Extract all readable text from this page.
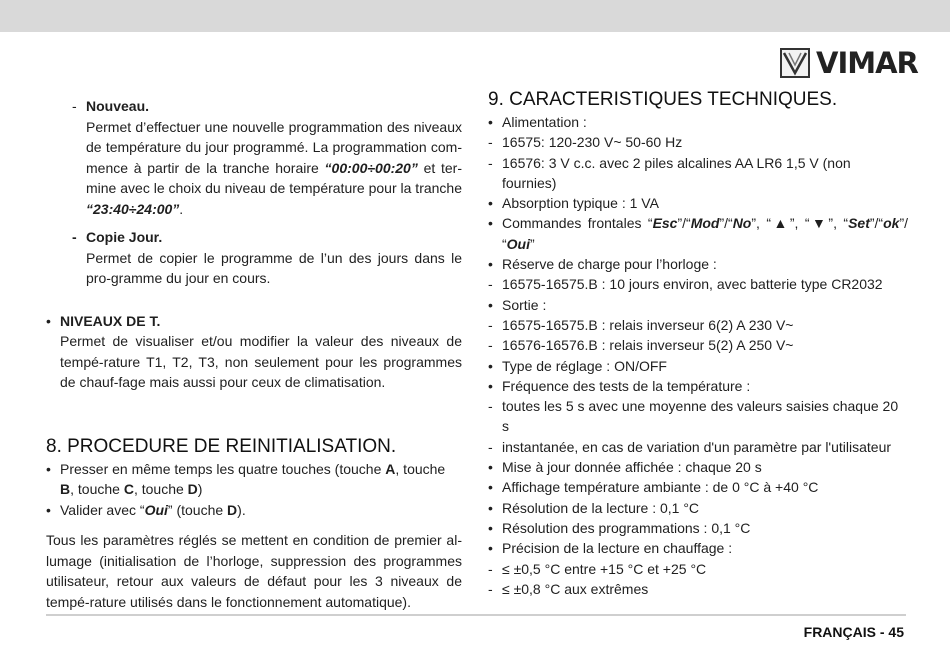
VIMAR
- Nouveau.
Permet d’effectuer une nouvelle programmation des niveaux de température du jour programmé. La programmation com-mence à partir de la tranche horaire “00:00÷00:20” et ter-mine avec le choix du niveau de température pour la tranche “23:40÷24:00”.
- Copie Jour.
Permet de copier le programme de l’un des jours dans le pro-gramme du jour en cours.
• NIVEAUX DE T.
Permet de visualiser et/ou modifier la valeur des niveaux de tempé-rature T1, T2, T3, non seulement pour les programmes de chauf-fage mais aussi pour ceux de climatisation.
8. PROCEDURE DE REINITIALISATION.
• Presser en même temps les quatre touches (touche A, touche B, touche C, touche D)
• Valider avec “Oui” (touche D).
Tous les paramètres réglés se mettent en condition de premier al-lumage (initialisation de l’horloge, suppression des programmes utilisateur, retour aux valeurs de défaut pour les 3 niveaux de tempé-rature utilisés dans le fonctionnement automatique).
9. CARACTERISTIQUES TECHNIQUES.
• Alimentation :
- 16575: 120-230 V~ 50-60 Hz
- 16576: 3 V c.c. avec 2 piles alcalines AA LR6 1,5 V (non fournies)
• Absorption typique : 1 VA
• Commandes frontales “Esc”/“Mod”/“No”, “▲”, “▼”, “Set”/“ok”/ “Oui”
• Réserve de charge pour l’horloge :
- 16575-16575.B : 10 jours environ, avec batterie type CR2032
• Sortie :
- 16575-16575.B : relais inverseur 6(2) A 230 V~
- 16576-16576.B : relais inverseur 5(2) A 250 V~
• Type de réglage : ON/OFF
• Fréquence des tests de la température :
- toutes les 5 s avec une moyenne des valeurs saisies chaque 20 s
- instantanée, en cas de variation d'un paramètre par l'utilisateur
• Mise à jour donnée affichée : chaque 20 s
• Affichage température ambiante : de 0 °C à +40 °C
• Résolution de la lecture : 0,1 °C
• Résolution des programmations : 0,1 °C
• Précision de la lecture en chauffage :
- ≤ ±0,5 °C entre +15 °C et +25 °C
- ≤ ±0,8 °C aux extrêmes
FRANÇAIS - 45
